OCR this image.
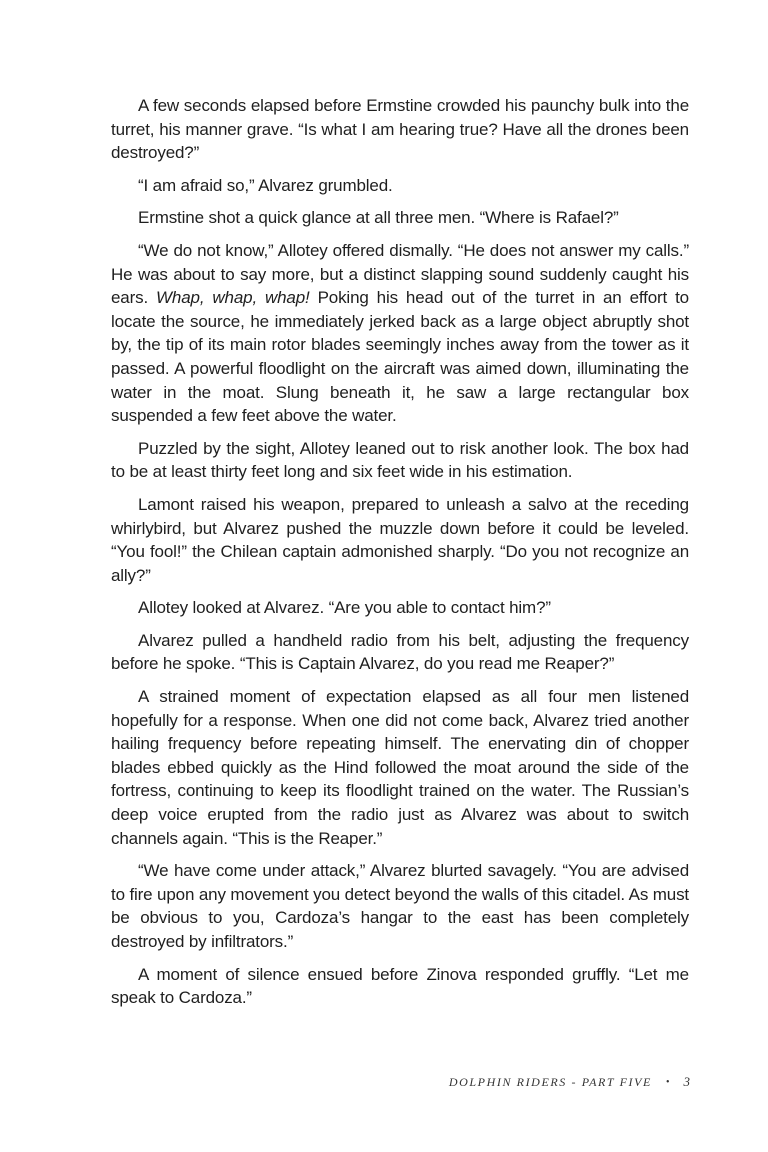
A few seconds elapsed before Ermstine crowded his paunchy bulk into the turret, his manner grave. “Is what I am hearing true? Have all the drones been destroyed?”

“I am afraid so,” Alvarez grumbled.

Ermstine shot a quick glance at all three men. “Where is Rafael?”

“We do not know,” Allotey offered dismally. “He does not answer my calls.” He was about to say more, but a distinct slapping sound suddenly caught his ears. Whap, whap, whap! Poking his head out of the turret in an effort to locate the source, he immediately jerked back as a large object abruptly shot by, the tip of its main rotor blades seemingly inches away from the tower as it passed. A powerful floodlight on the aircraft was aimed down, illuminating the water in the moat. Slung beneath it, he saw a large rectangular box suspended a few feet above the water.

Puzzled by the sight, Allotey leaned out to risk another look. The box had to be at least thirty feet long and six feet wide in his estimation.

Lamont raised his weapon, prepared to unleash a salvo at the receding whirlybird, but Alvarez pushed the muzzle down before it could be leveled. “You fool!” the Chilean captain admonished sharply. “Do you not recognize an ally?”

Allotey looked at Alvarez. “Are you able to contact him?”

Alvarez pulled a handheld radio from his belt, adjusting the frequency before he spoke. “This is Captain Alvarez, do you read me Reaper?”

A strained moment of expectation elapsed as all four men listened hopefully for a response. When one did not come back, Alvarez tried another hailing frequency before repeating himself. The enervating din of chopper blades ebbed quickly as the Hind followed the moat around the side of the fortress, continuing to keep its floodlight trained on the water. The Russian’s deep voice erupted from the radio just as Alvarez was about to switch channels again. “This is the Reaper.”

“We have come under attack,” Alvarez blurted savagely. “You are advised to fire upon any movement you detect beyond the walls of this citadel. As must be obvious to you, Cardoza’s hangar to the east has been completely destroyed by infiltrators.”

A moment of silence ensued before Zinova responded gruffly. “Let me speak to Cardoza.”

DOLPHIN RIDERS - PART FIVE • 3
